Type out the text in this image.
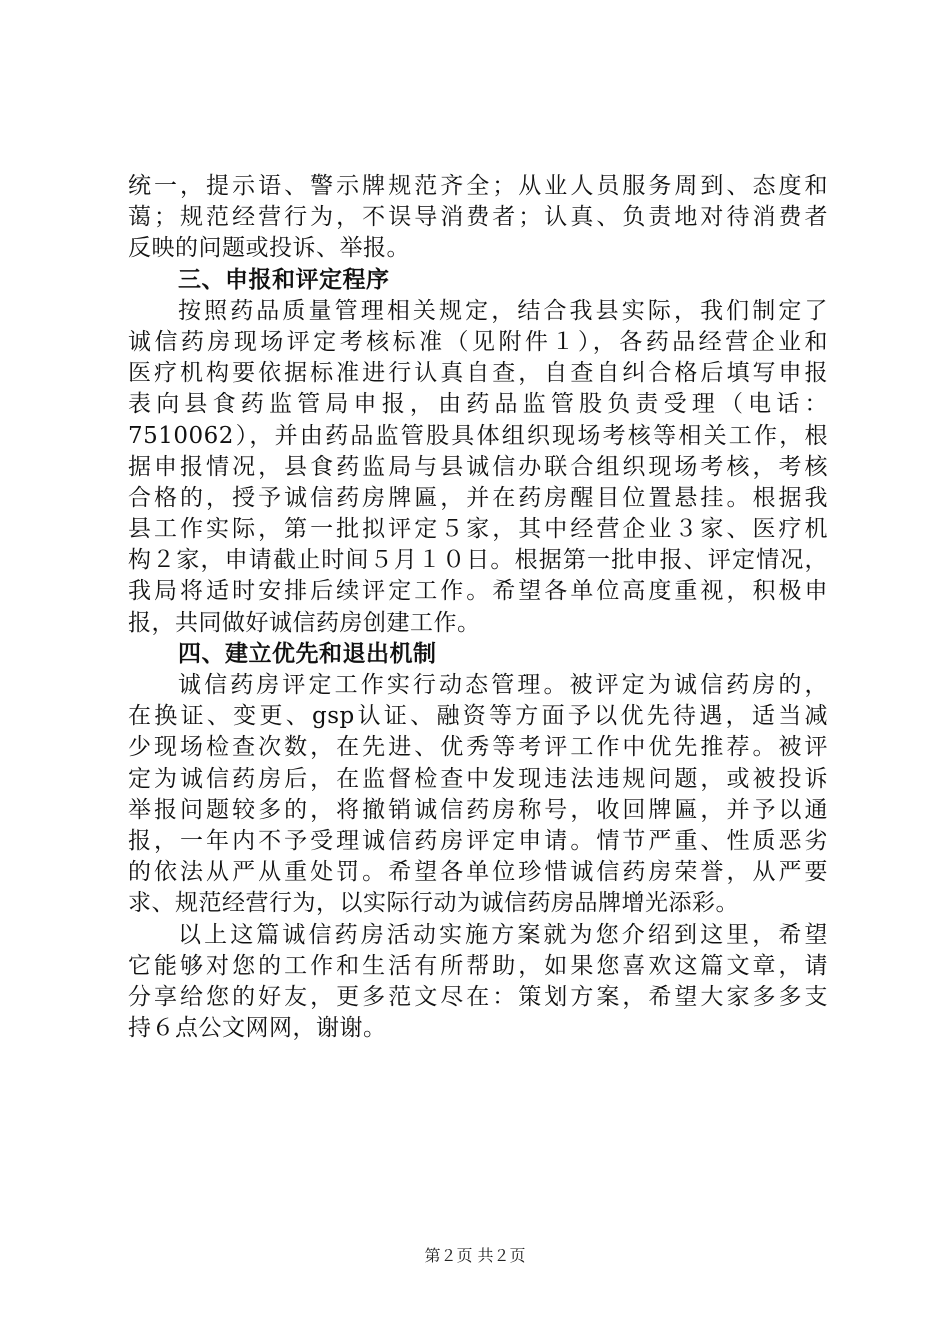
统一，提示语、警示牌规范齐全；从业人员服务周到、态度和
蔼；规范经营行为，不误导消费者；认真、负责地对待消费者
反映的问题或投诉、举报。
三、申报和评定程序
按照药品质量管理相关规定，结合我县实际，我们制定了
诚信药房现场评定考核标准（见附件１），各药品经营企业和
医疗机构要依据标准进行认真自查，自查自纠合格后填写申报
表向县食药监管局申报，由药品监管股负责受理（电话：
7510062），并由药品监管股具体组织现场考核等相关工作，根
据申报情况，县食药监局与县诚信办联合组织现场考核，考核
合格的，授予诚信药房牌匾，并在药房醒目位置悬挂。根据我
县工作实际，第一批拟评定５家，其中经营企业３家、医疗机
构２家，申请截止时间５月１０日。根据第一批申报、评定情况，
我局将适时安排后续评定工作。希望各单位高度重视，积极申
报，共同做好诚信药房创建工作。
四、建立优先和退出机制
诚信药房评定工作实行动态管理。被评定为诚信药房的，
在换证、变更、gsp认证、融资等方面予以优先待遇，适当减
少现场检查次数，在先进、优秀等考评工作中优先推荐。被评
定为诚信药房后，在监督检查中发现违法违规问题，或被投诉
举报问题较多的，将撤销诚信药房称号，收回牌匾，并予以通
报，一年内不予受理诚信药房评定申请。情节严重、性质恶劣
的依法从严从重处罚。希望各单位珍惜诚信药房荣誉，从严要
求、规范经营行为，以实际行动为诚信药房品牌增光添彩。
以上这篇诚信药房活动实施方案就为您介绍到这里，希望
它能够对您的工作和生活有所帮助，如果您喜欢这篇文章，请
分享给您的好友，更多范文尽在：策划方案，希望大家多多支
持６点公文网网，谢谢。
第２页 共２页
